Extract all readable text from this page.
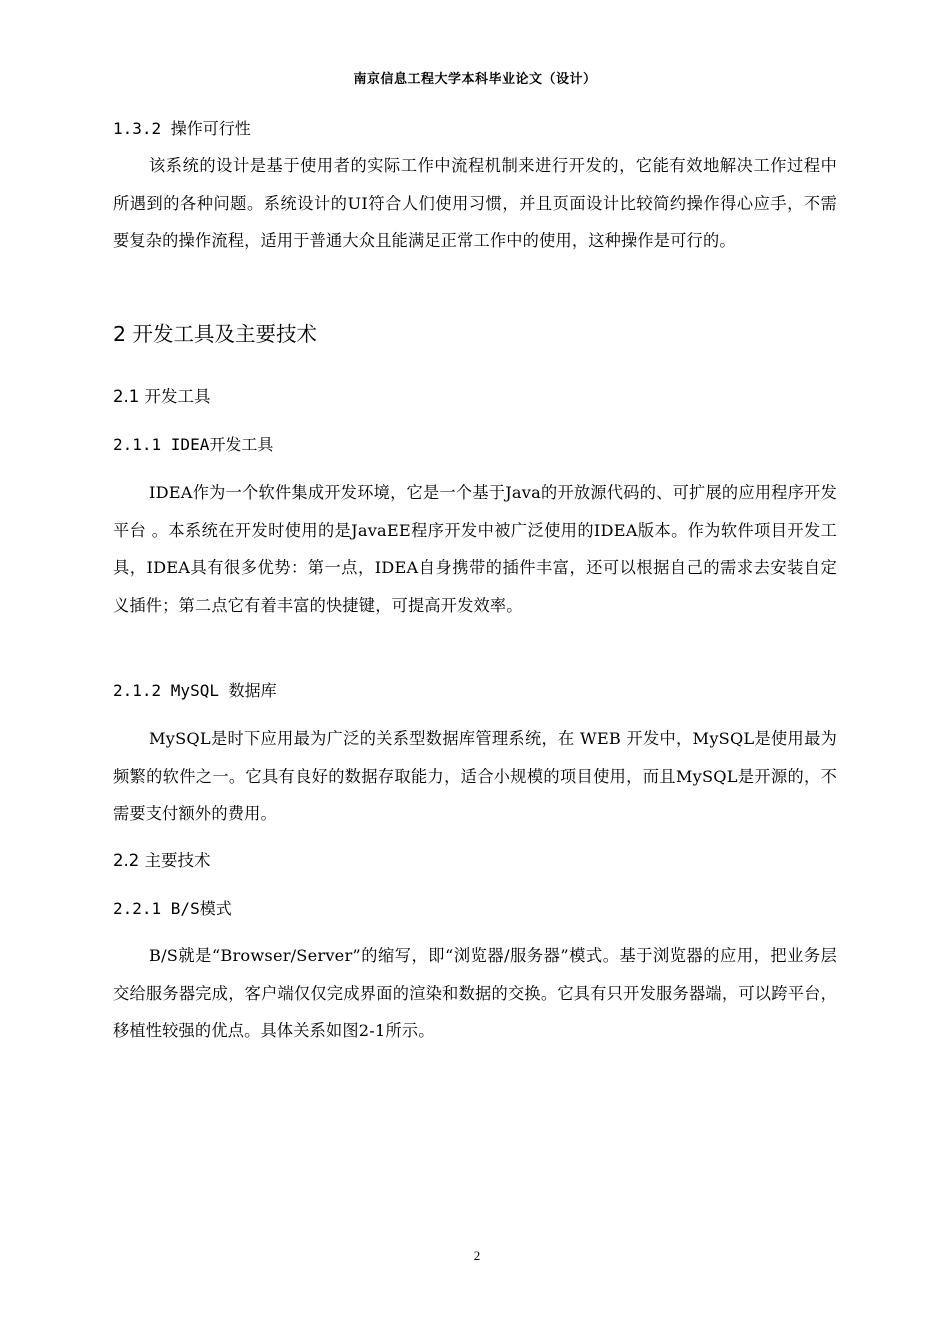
南京信息工程大学本科毕业论文（设计）
1.3.2 操作可行性

该系统的设计是基于使用者的实际工作中流程机制来进行开发的，它能有效地解决工作过程中所遇到的各种问题。系统设计的UI符合人们使用习惯，并且页面设计比较简约操作得心应手，不需要复杂的操作流程，适用于普通大众且能满足正常工作中的使用，这种操作是可行的。

2 开发工具及主要技术
2.1 开发工具
2.1.1 IDEA开发工具

IDEA作为一个软件集成开发环境，它是一个基于Java的开放源代码的、可扩展的应用程序开发平台 。本系统在开发时使用的是JavaEE程序开发中被广泛使用的IDEA版本。作为软件项目开发工具，IDEA具有很多优势：第一点，IDEA自身携带的插件丰富，还可以根据自己的需求去安装自定义插件；第二点它有着丰富的快捷键，可提高开发效率。

2.1.2 MySQL 数据库

MySQL是时下应用最为广泛的关系型数据库管理系统，在 WEB 开发中，MySQL是使用最为频繁的软件之一。它具有良好的数据存取能力，适合小规模的项目使用，而且MySQL是开源的，不需要支付额外的费用。

2.2 主要技术
2.2.1 B/S模式

B/S就是“Browser/Server”的缩写，即“浏览器/服务器”模式。基于浏览器的应用，把业务层交给服务器完成，客户端仅仅完成界面的渲染和数据的交换。它具有只开发服务器端，可以跨平台，移植性较强的优点。具体关系如图2-1所示。

2
